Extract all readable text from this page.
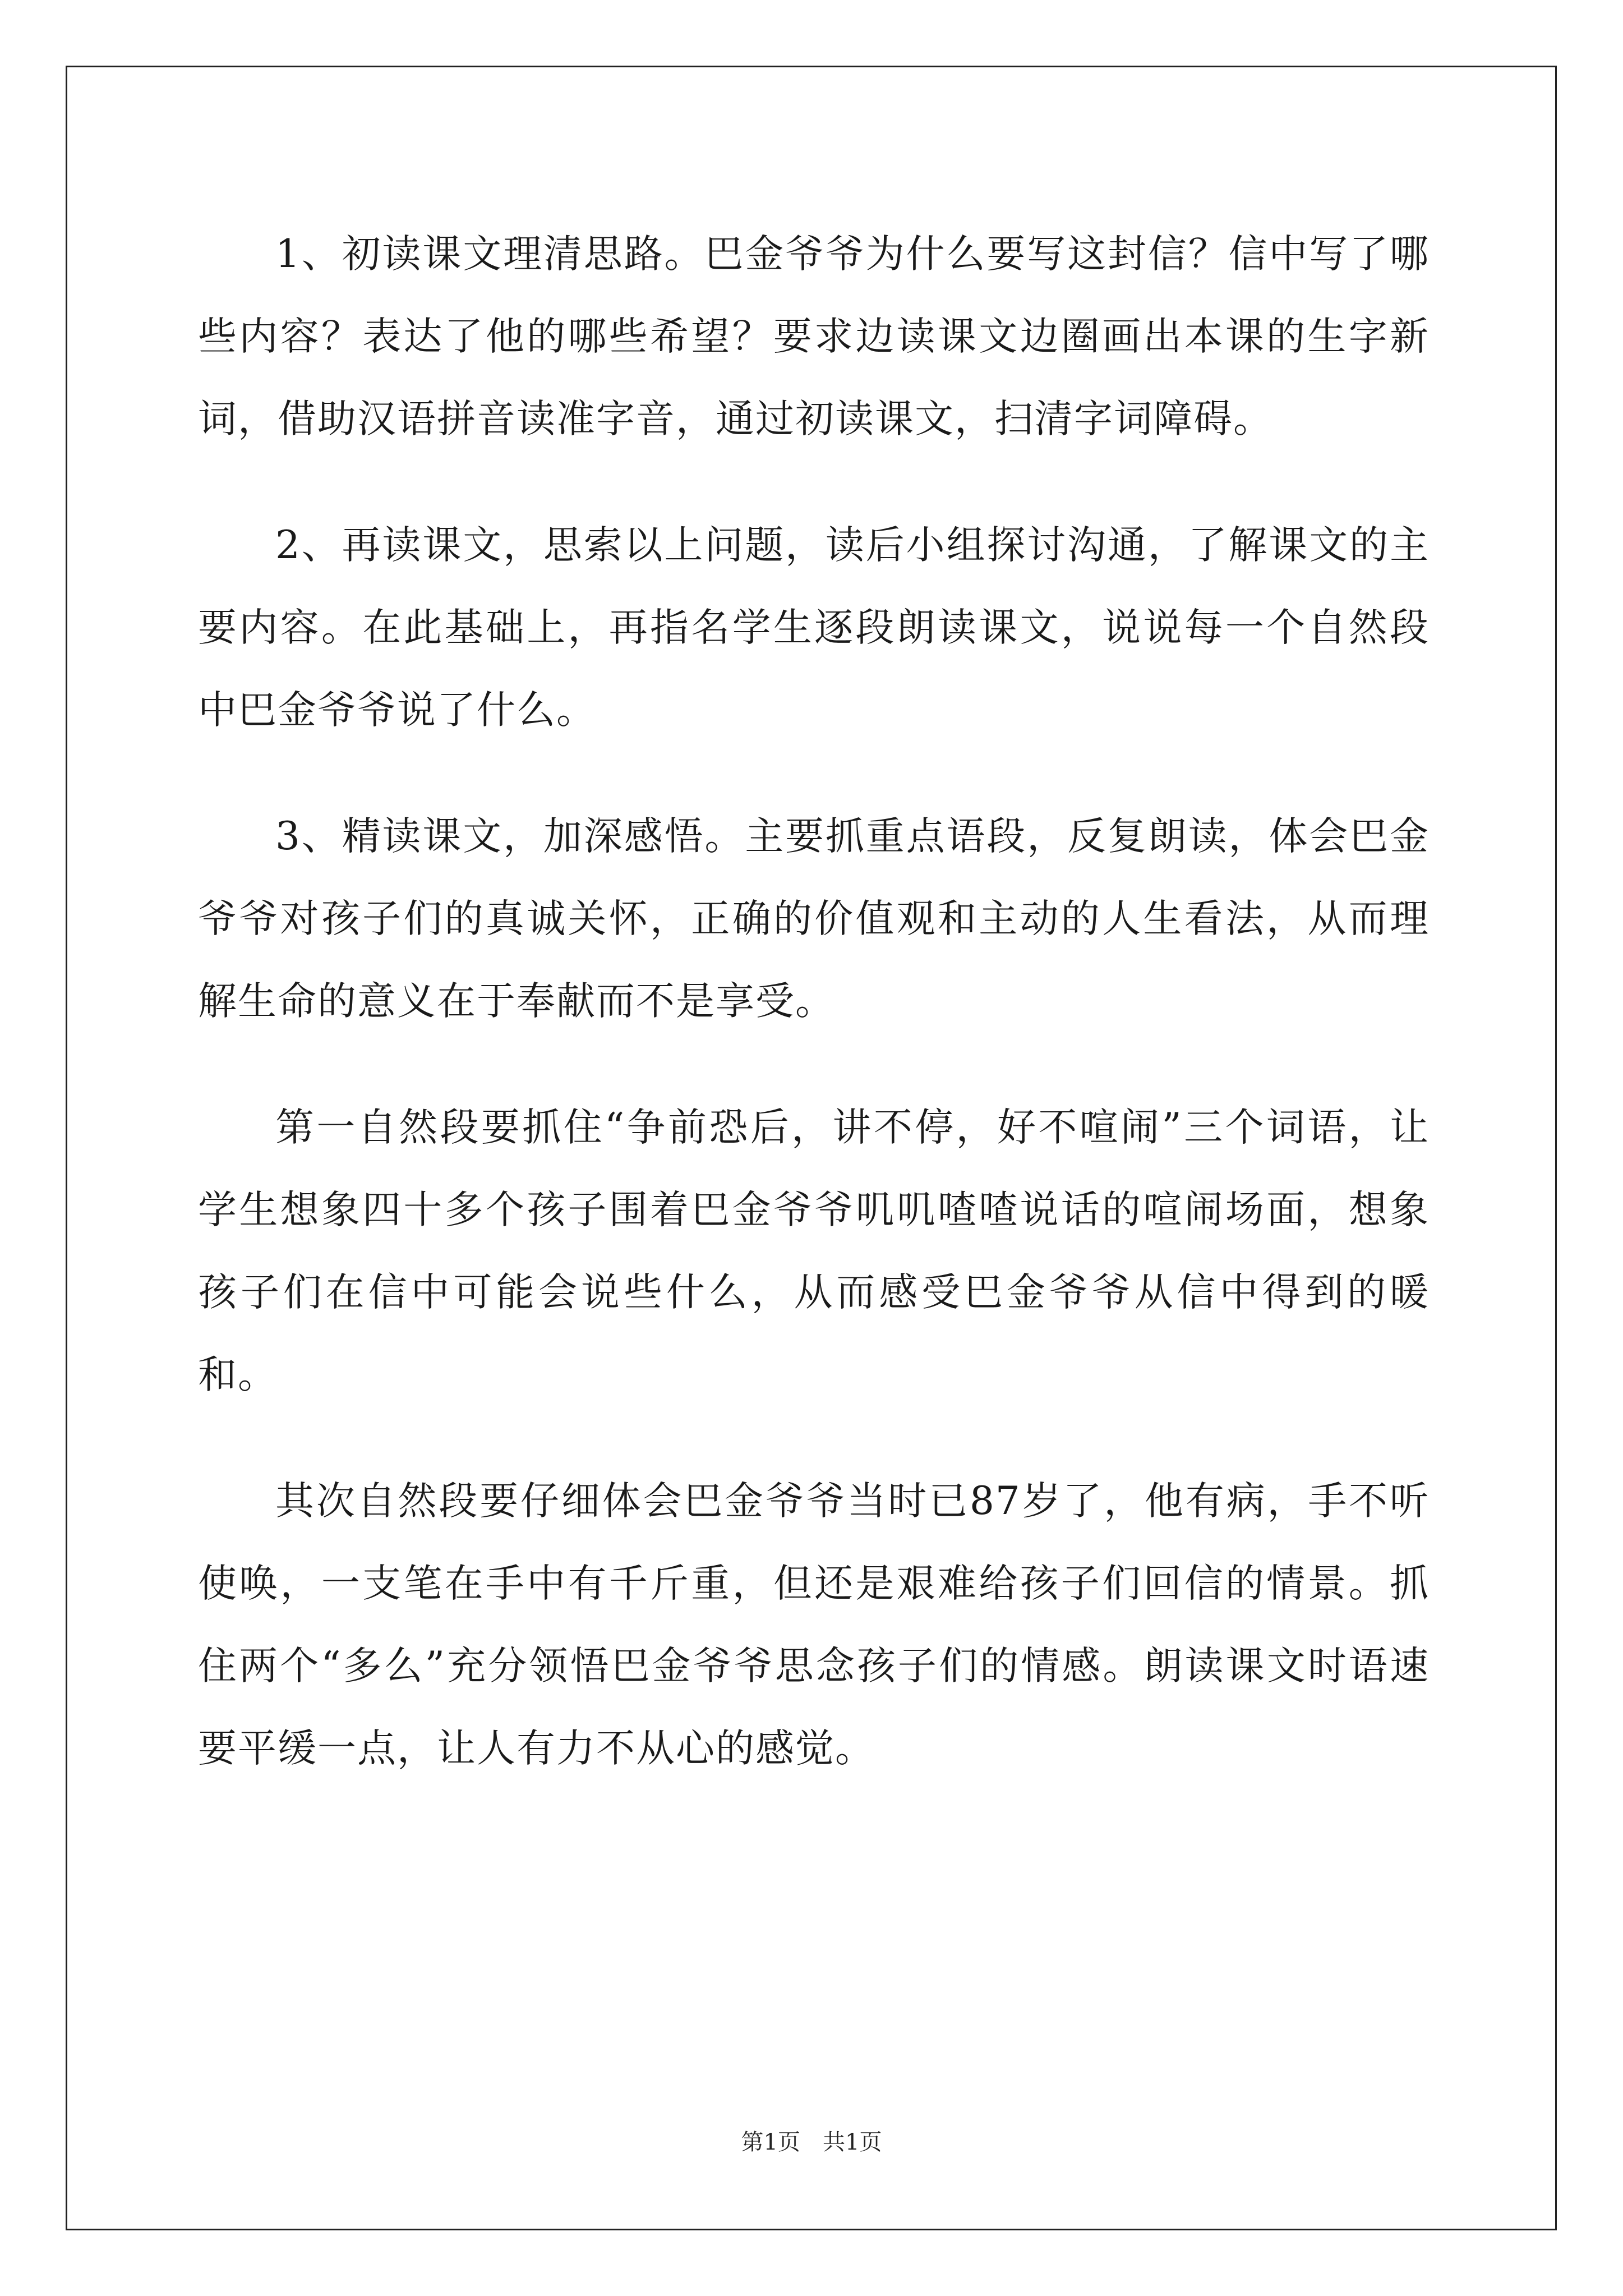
1、初读课文理清思路。巴金爷爷为什么要写这封信？信中写了哪些内容？表达了他的哪些希望？要求边读课文边圈画出本课的生字新词，借助汉语拼音读准字音，通过初读课文，扫清字词障碍。

2、再读课文，思索以上问题，读后小组探讨沟通，了解课文的主要内容。在此基础上，再指名学生逐段朗读课文，说说每一个自然段中巴金爷爷说了什么。

3、精读课文，加深感悟。主要抓重点语段，反复朗读，体会巴金爷爷对孩子们的真诚关怀，正确的价值观和主动的人生看法，从而理解生命的意义在于奉献而不是享受。

第一自然段要抓住“争前恐后，讲不停，好不喧闹”三个词语，让学生想象四十多个孩子围着巴金爷爷叽叽喳喳说话的喧闹场面，想象孩子们在信中可能会说些什么，从而感受巴金爷爷从信中得到的暖和。

其次自然段要仔细体会巴金爷爷当时已87岁了，他有病，手不听使唤，一支笔在手中有千斤重，但还是艰难给孩子们回信的情景。抓住两个“多么”充分领悟巴金爷爷思念孩子们的情感。朗读课文时语速要平缓一点，让人有力不从心的感觉。

第1页 共1页
